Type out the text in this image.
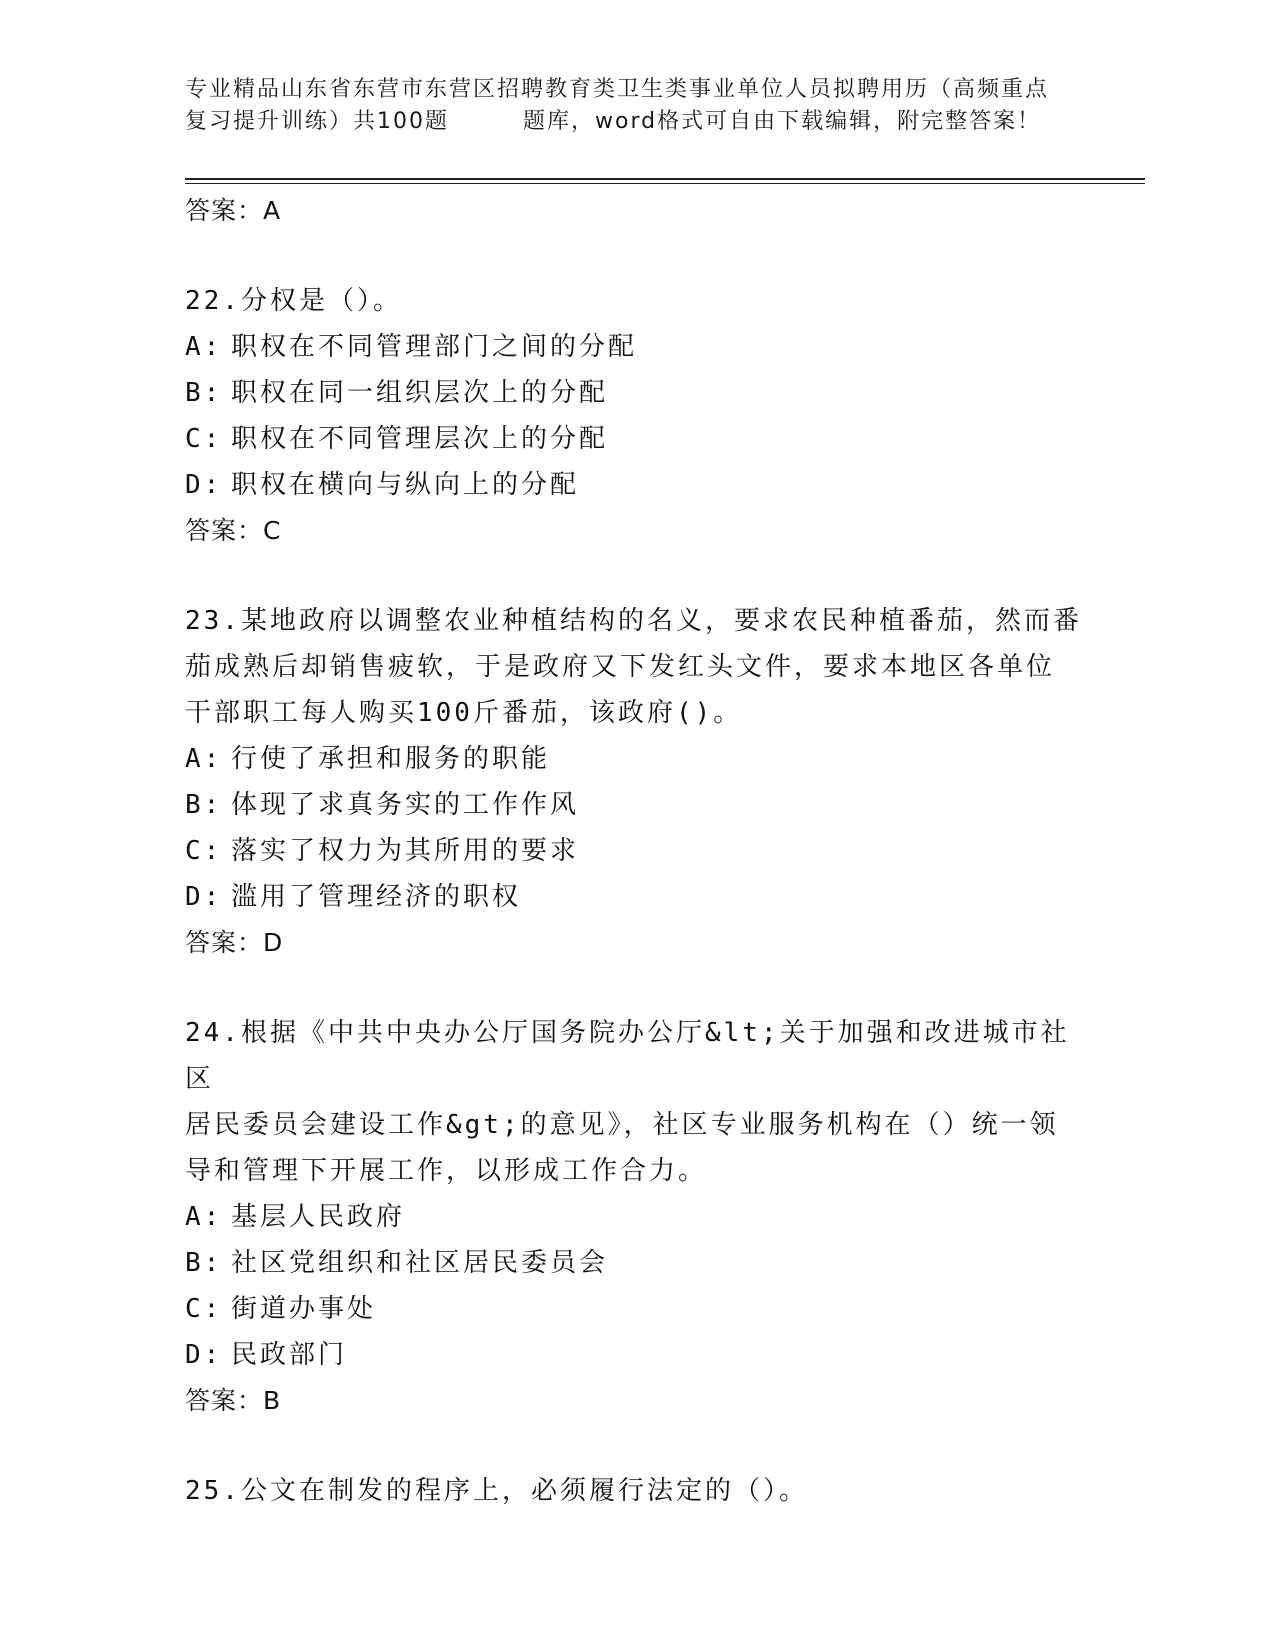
专业精品山东省东营市东营区招聘教育类卫生类事业单位人员拟聘用历（高频重点
复习提升训练）共100题	题库，word格式可自由下载编辑，附完整答案！

答案：A

22.分权是（）。

A: 职权在不同管理部门之间的分配

B: 职权在同一组织层次上的分配

C: 职权在不同管理层次上的分配

D: 职权在横向与纵向上的分配

答案：C

23.某地政府以调整农业种植结构的名义，要求农民种植番茄，然而番

茄成熟后却销售疲软，于是政府又下发红头文件，要求本地区各单位

干部职工每人购买100斤番茄，该政府()。

A: 行使了承担和服务的职能

B: 体现了求真务实的工作作风

C: 落实了权力为其所用的要求

D: 滥用了管理经济的职权

答案：D

24.根据《中共中央办公厅国务院办公厅&lt;关于加强和改进城市社区

居民委员会建设工作&gt;的意见》，社区专业服务机构在（）统一领

导和管理下开展工作，以形成工作合力。

A: 基层人民政府

B: 社区党组织和社区居民委员会

C: 街道办事处

D: 民政部门

答案：B

25.公文在制发的程序上，必须履行法定的（）。
